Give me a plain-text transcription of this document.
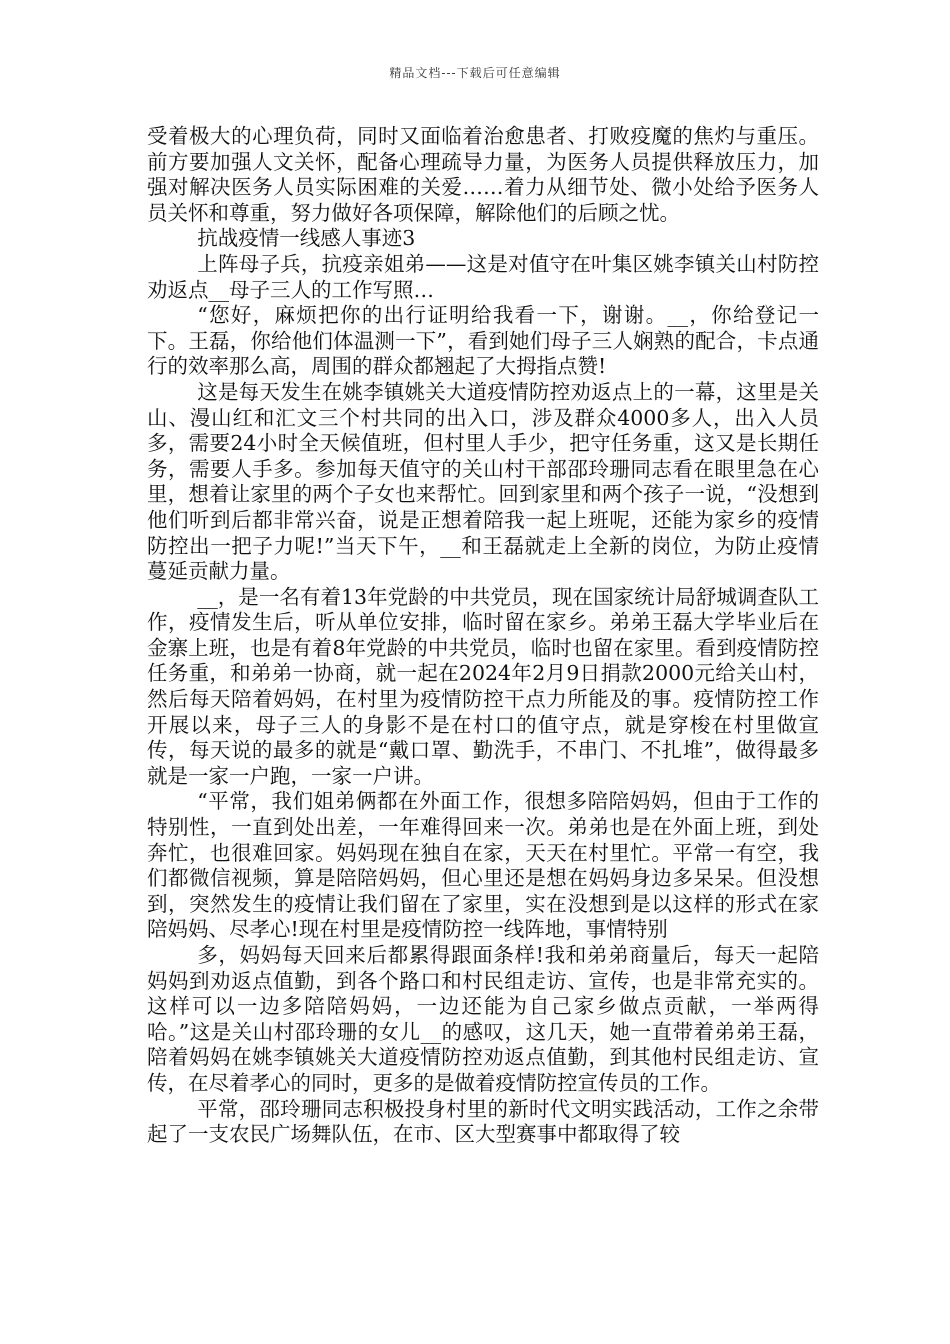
精品文档---下载后可任意编辑

受着极大的心理负荷，同时又面临着治愈患者、打败疫魔的焦灼与重压。前方要加强人文关怀，配备心理疏导力量，为医务人员提供释放压力，加强对解决医务人员实际困难的关爱……着力从细节处、微小处给予医务人员关怀和尊重，努力做好各项保障，解除他们的后顾之忧。

抗战疫情一线感人事迹3

上阵母子兵，抗疫亲姐弟——这是对值守在叶集区姚李镇关山村防控劝返点__母子三人的工作写照…

“您好，麻烦把你的出行证明给我看一下，谢谢。__，你给登记一下。王磊，你给他们体温测一下”，看到她们母子三人娴熟的配合，卡点通行的效率那么高，周围的群众都翘起了大拇指点赞!

这是每天发生在姚李镇姚关大道疫情防控劝返点上的一幕，这里是关山、漫山红和汇文三个村共同的出入口，涉及群众4000多人，出入人员多，需要24小时全天候值班，但村里人手少，把守任务重，这又是长期任务，需要人手多。参加每天值守的关山村干部邵玲珊同志看在眼里急在心里，想着让家里的两个子女也来帮忙。回到家里和两个孩子一说，“没想到他们听到后都非常兴奋，说是正想着陪我一起上班呢，还能为家乡的疫情防控出一把子力呢!”当天下午，__和王磊就走上全新的岗位，为防止疫情蔓延贡献力量。

__，是一名有着13年党龄的中共党员，现在国家统计局舒城调查队工作，疫情发生后，听从单位安排，临时留在家乡。弟弟王磊大学毕业后在金寨上班，也是有着8年党龄的中共党员，临时也留在家里。看到疫情防控任务重，和弟弟一协商，就一起在2024年2月9日捐款2000元给关山村，然后每天陪着妈妈，在村里为疫情防控干点力所能及的事。疫情防控工作开展以来，母子三人的身影不是在村口的值守点，就是穿梭在村里做宣传，每天说的最多的就是“戴口罩、勤洗手，不串门、不扎堆”，做得最多就是一家一户跑，一家一户讲。

“平常，我们姐弟俩都在外面工作，很想多陪陪妈妈，但由于工作的特别性，一直到处出差，一年难得回来一次。弟弟也是在外面上班，到处奔忙，也很难回家。妈妈现在独自在家，天天在村里忙。平常一有空，我们都微信视频，算是陪陪妈妈，但心里还是想在妈妈身边多呆呆。但没想到，突然发生的疫情让我们留在了家里，实在没想到是以这样的形式在家陪妈妈、尽孝心!现在村里是疫情防控一线阵地，事情特别

多，妈妈每天回来后都累得跟面条样!我和弟弟商量后，每天一起陪妈妈到劝返点值勤，到各个路口和村民组走访、宣传，也是非常充实的。这样可以一边多陪陪妈妈，一边还能为自己家乡做点贡献，一举两得哈。”这是关山村邵玲珊的女儿__的感叹，这几天，她一直带着弟弟王磊，陪着妈妈在姚李镇姚关大道疫情防控劝返点值勤，到其他村民组走访、宣传，在尽着孝心的同时，更多的是做着疫情防控宣传员的工作。

平常，邵玲珊同志积极投身村里的新时代文明实践活动，工作之余带起了一支农民广场舞队伍，在市、区大型赛事中都取得了较
